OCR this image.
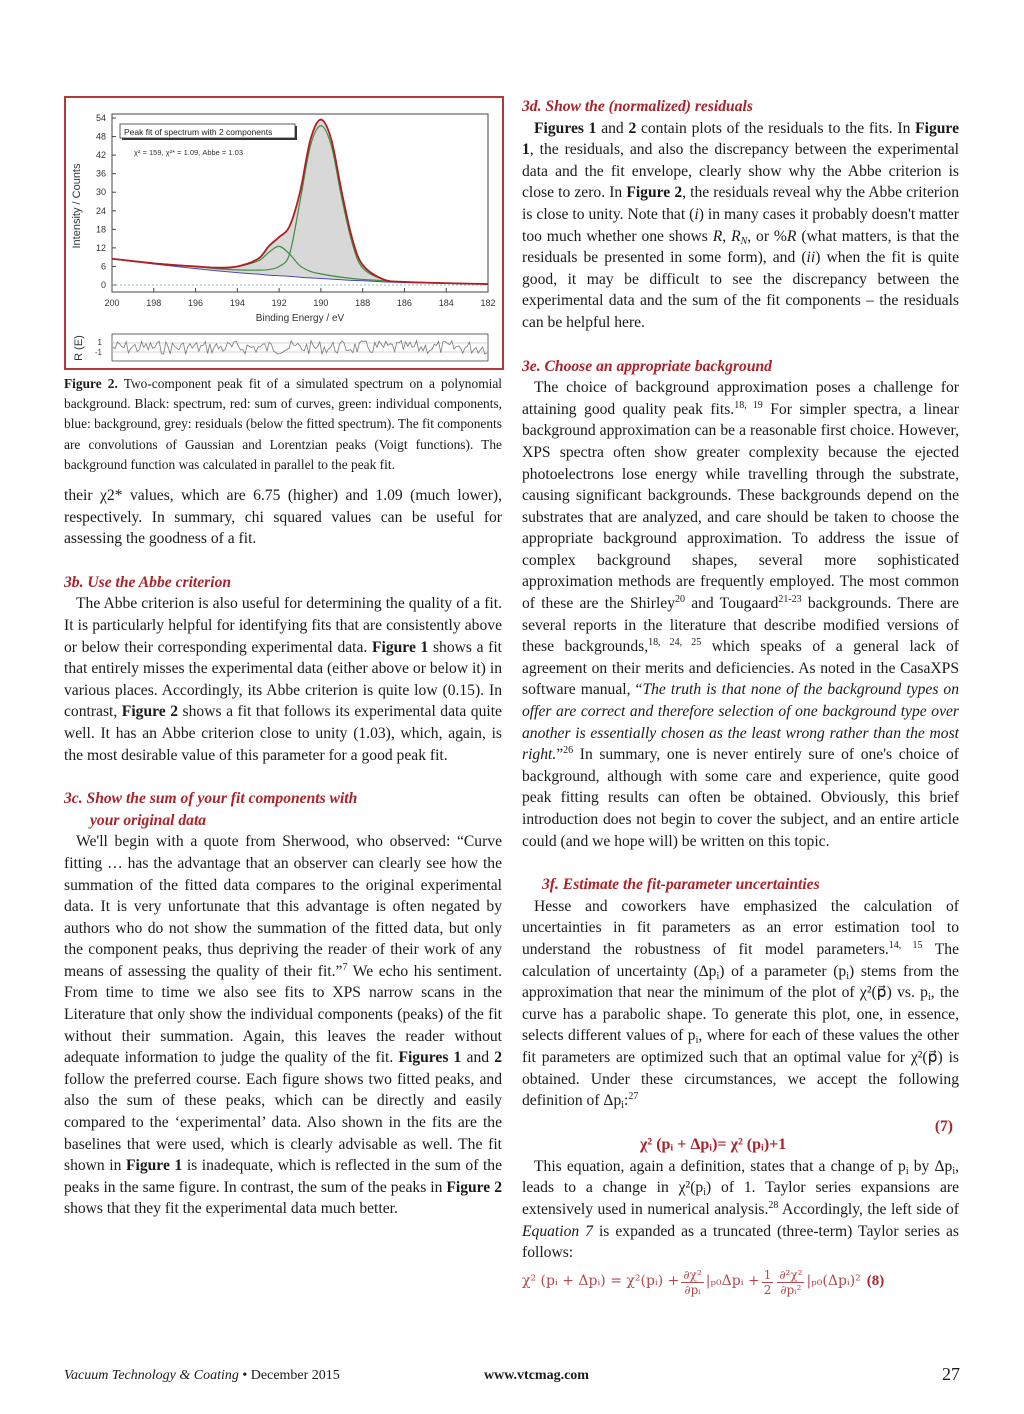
0
6
12
18
24
30
36
42
48
54
200	198	196	194	192	190	188	186	184	182
Intensity / Counts
Binding Energy / eV
Peak fit of spectrum with 2 components
χ² = 159, χ²* = 1.09, Abbe = 1.03
1
-1
R (E)
Figure 2. Two-component peak fit of a simulated spectrum on a polynomial background. Black: spectrum, red: sum of curves, green: individual components, blue: background, grey: residuals (below the fitted spectrum). The fit components are convolutions of Gaussian and Lorentzian peaks (Voigt functions). The background function was calculated in parallel to the peak fit.

their χ2* values, which are 6.75 (higher) and 1.09 (much lower), respectively. In summary, chi squared values can be useful for assessing the goodness of a fit.

3b. Use the Abbe criterion

The Abbe criterion is also useful for determining the quality of a fit. It is particularly helpful for identifying fits that are consistently above or below their corresponding experimental data. Figure 1 shows a fit that entirely misses the experimental data (either above or below it) in various places. Accordingly, its Abbe criterion is quite low (0.15). In contrast, Figure 2 shows a fit that follows its experimental data quite well. It has an Abbe criterion close to unity (1.03), which, again, is the most desirable value of this parameter for a good peak fit.

3c. Show the sum of your fit components with
your original data

We'll begin with a quote from Sherwood, who observed: “Curve fitting … has the advantage that an observer can clearly see how the summation of the fitted data compares to the original experimental data. It is very unfortunate that this advantage is often negated by authors who do not show the summation of the fitted data, but only the component peaks, thus depriving the reader of their work of any means of assessing the quality of their fit.”$^7$ We echo his sentiment. From time to time we also see fits to XPS narrow scans in the Literature that only show the individual components (peaks) of the fit without their summation. Again, this leaves the reader without adequate information to judge the quality of the fit. Figures 1 and 2 follow the preferred course. Each figure shows two fitted peaks, and also the sum of these peaks, which can be directly and easily compared to the ‘experimental’ data. Also shown in the fits are the baselines that were used, which is clearly advisable as well. The fit shown in Figure 1 is inadequate, which is reflected in the sum of the peaks in the same figure. In contrast, the sum of the peaks in Figure 2 shows that they fit the experimental data much better.

3d. Show the (normalized) residuals

Figures 1 and 2 contain plots of the residuals to the fits. In Figure 1, the residuals, and also the discrepancy between the experimental data and the fit envelope, clearly show why the Abbe criterion is close to zero. In Figure 2, the residuals reveal why the Abbe criterion is close to unity. Note that (i) in many cases it probably doesn't matter too much whether one shows R, $R_N$, or %R (what matters, is that the residuals be presented in some form), and (ii) when the fit is quite good, it may be difficult to see the discrepancy between the experimental data and the sum of the fit components – the residuals can be helpful here.

3e. Choose an appropriate background

The choice of background approximation poses a challenge for attaining good quality peak fits.$^{18, 19}$ For simpler spectra, a linear background approximation can be a reasonable first choice. However, XPS spectra often show greater complexity because the ejected photoelectrons lose energy while travelling through the substrate, causing significant backgrounds. These backgrounds depend on the substrates that are analyzed, and care should be taken to choose the appropriate background approximation. To address the issue of complex background shapes, several more sophisticated approximation methods are frequently employed. The most common of these are the Shirley$^{20}$ and Tougaard$^{21-23}$ backgrounds. There are several reports in the literature that describe modified versions of these backgrounds,$^{18, 24, 25}$ which speaks of a general lack of agreement on their merits and deficiencies. As noted in the CasaXPS software manual, “The truth is that none of the background types on offer are correct and therefore selection of one background type over another is essentially chosen as the least wrong rather than the most right.”$^{26}$ In summary, one is never entirely sure of one's choice of background, although with some care and experience, quite good peak fitting results can often be obtained. Obviously, this brief introduction does not begin to cover the subject, and an entire article could (and we hope will) be written on this topic.

3f. Estimate the fit-parameter uncertainties

Hesse and coworkers have emphasized the calculation of uncertainties in fit parameters as an error estimation tool to understand the robustness of fit model parameters.$^{14, 15}$ The calculation of uncertainty $(\Delta p_i)$ of a parameter $(p_i)$ stems from the approximation that near the minimum of the plot of χ²(p⃗) vs. $p_i$, the curve has a parabolic shape. To generate this plot, one, in essence, selects different values of $p_i$, where for each of these values the other fit parameters are optimized such that an optimal value for χ²(p⃗) is obtained. Under these circumstances, we accept the following definition of $\Delta p_i:^{27}$

(7)
χ² (pᵢ + Δpᵢ)= χ² (pᵢ)+1

This equation, again a definition, states that a change of $p_i$ by $\Delta p_i$, leads to a change in $\chi^2(p_i)$ of 1. Taylor series expansions are extensively used in numerical analysis.$^{28}$ Accordingly, the left side of Equation 7 is expanded as a truncated (three-term) Taylor series as follows:

χ² (pᵢ + Δpᵢ) = χ²(pᵢ) + $\frac{\text{∂χ²}}{\text{∂pᵢ}}$ |ₚ₀Δpᵢ + $\frac{1}{2} \frac{\text{∂²χ²}}{\text{∂pᵢ²}}$ |ₚ₀(Δpᵢ)² (8)
Vacuum Technology & Coating • December 2015	www.vtcmag.com	27
